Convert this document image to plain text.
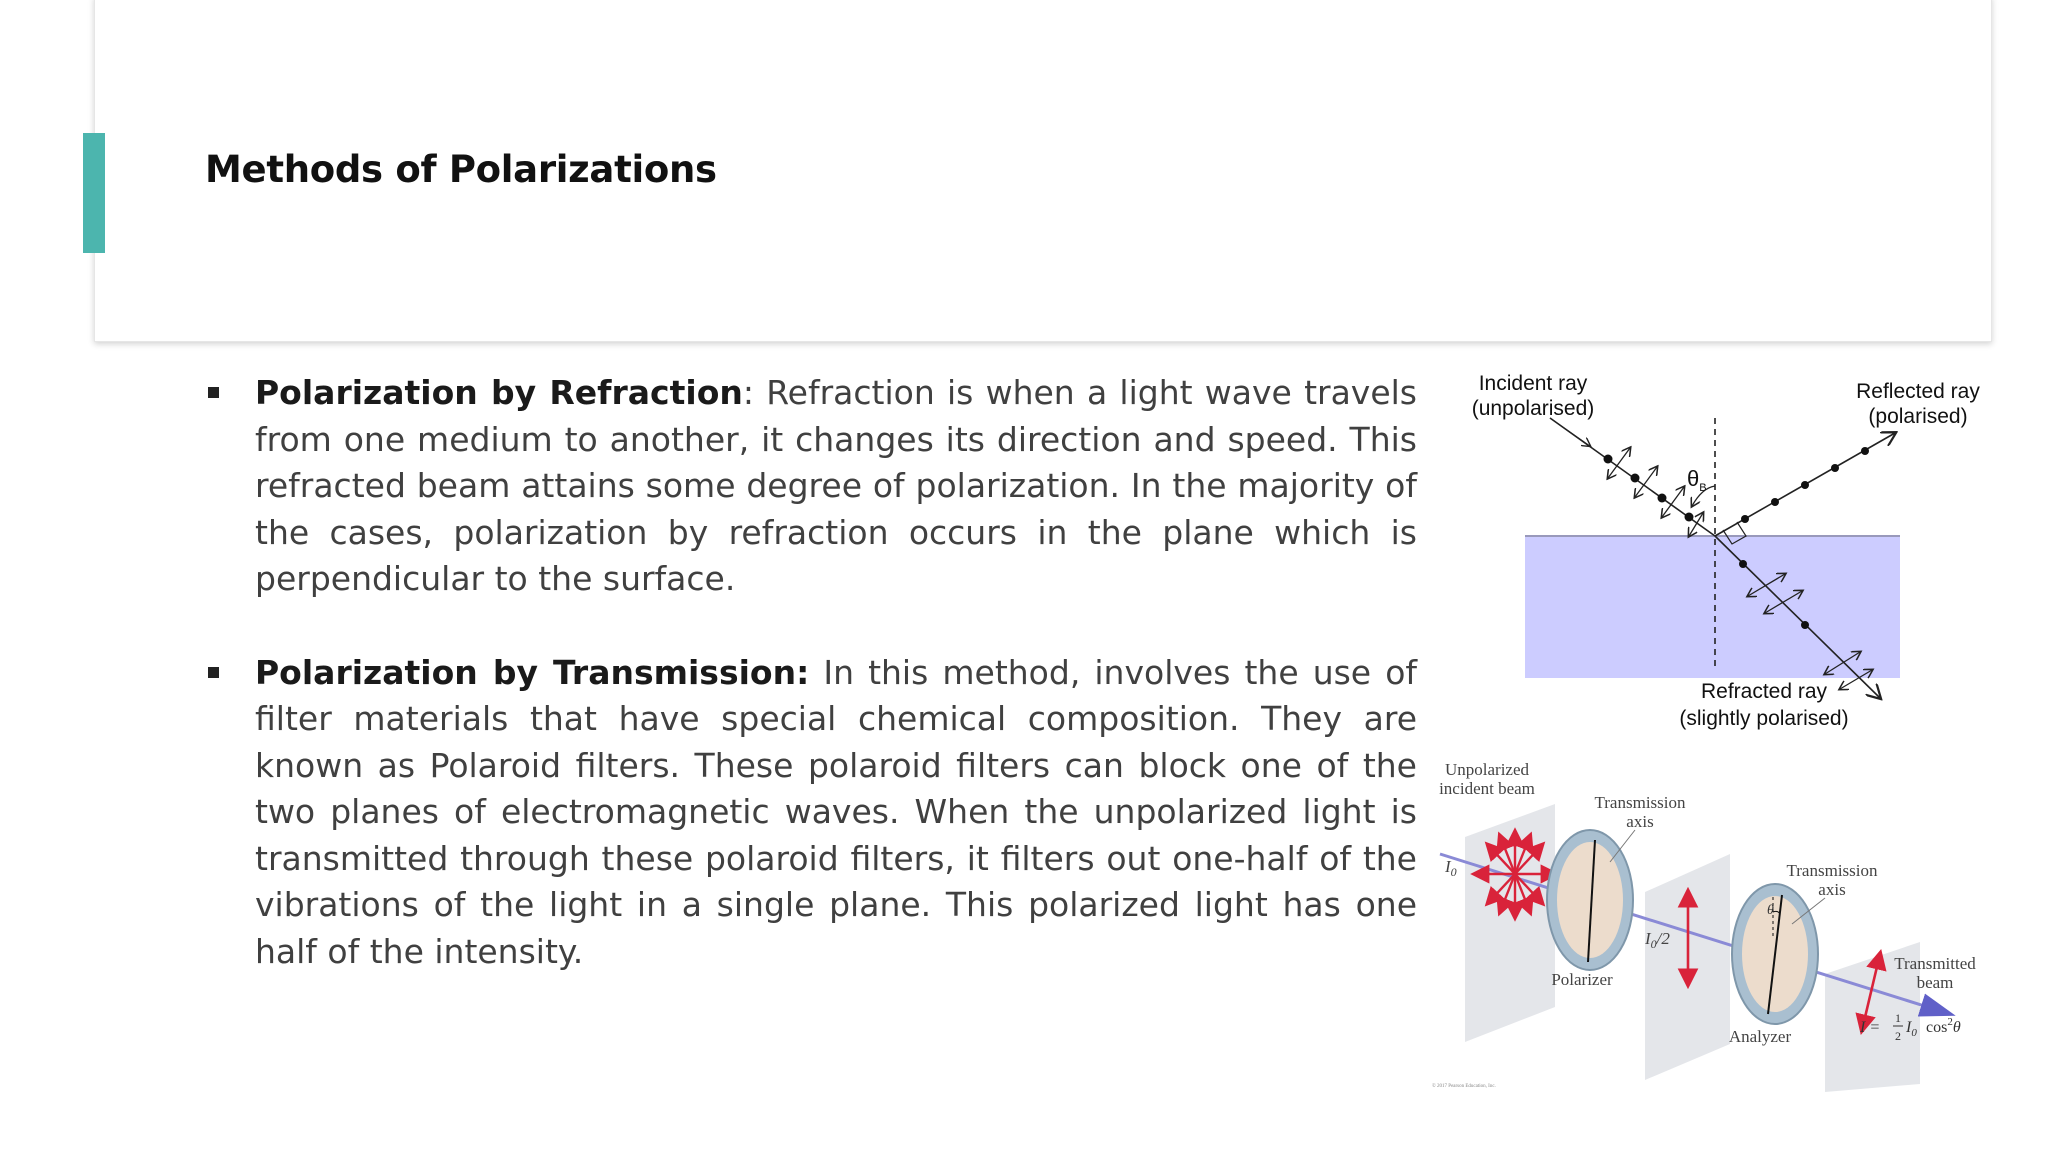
Methods of Polarizations
Polarization by Refraction: Refraction is when a light wave travels from one medium to another, it changes its direction and speed. This refracted beam attains some degree of polarization. In the majority of the cases, polarization by refraction occurs in the plane which is perpendicular to the surface.
Polarization by Transmission: In this method, involves the use of filter materials that have special chemical composition. They are known as Polaroid filters. These polaroid filters can block one of the two planes of electromagnetic waves. When the unpolarized light is transmitted through these polaroid filters, it filters out one-half of the vibrations of the light in a single plane. This polarized light has one half of the intensity.
$\theta_B$
Incident ray
(unpolarised)
Reflected ray
(polarised)
Refracted ray
(slightly polarised)
θ
Unpolarized
incident beam
Transmission
axis
Transmission
axis
$I_0$
$I_0/2$
Polarizer
Analyzer
Transmitted
beam
I =
1
2 $I_0$ $\cos^2\theta$
© 2017 Pearson Education, Inc.
